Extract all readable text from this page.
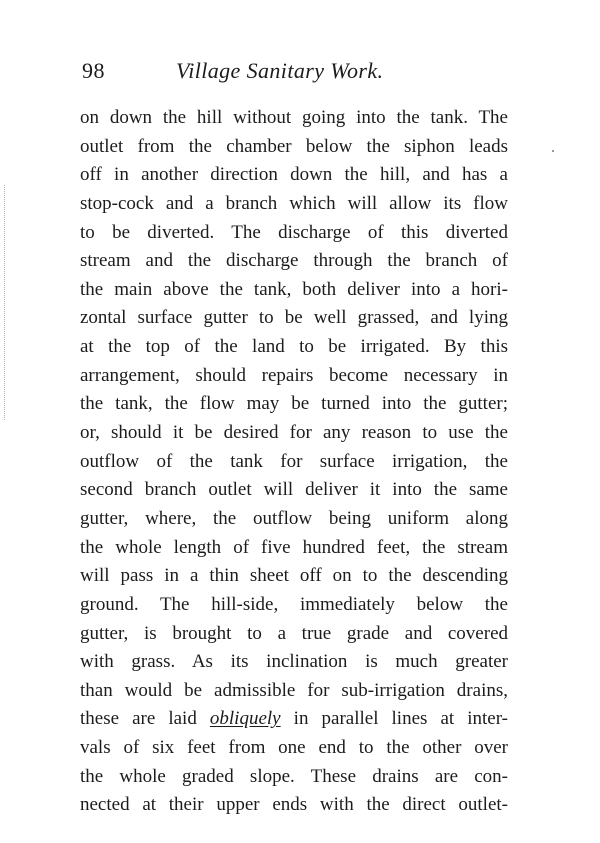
98	Village Sanitary Work.
on down the hill without going into the tank. The
outlet from the chamber below the siphon leads
off in another direction down the hill, and has a
stop-cock and a branch which will allow its flow
to be diverted. The discharge of this diverted
stream and the discharge through the branch of
the main above the tank, both deliver into a hori-
zontal surface gutter to be well grassed, and lying
at the top of the land to be irrigated. By this
arrangement, should repairs become necessary in
the tank, the flow may be turned into the gutter;
or, should it be desired for any reason to use the
outflow of the tank for surface irrigation, the
second branch outlet will deliver it into the same
gutter, where, the outflow being uniform along
the whole length of five hundred feet, the stream
will pass in a thin sheet off on to the descending
ground. The hill-side, immediately below the
gutter, is brought to a true grade and covered
with grass. As its inclination is much greater
than would be admissible for sub-irrigation drains,
these are laid obliquely in parallel lines at inter-
vals of six feet from one end to the other over
the whole graded slope. These drains are con-
nected at their upper ends with the direct outlet-
